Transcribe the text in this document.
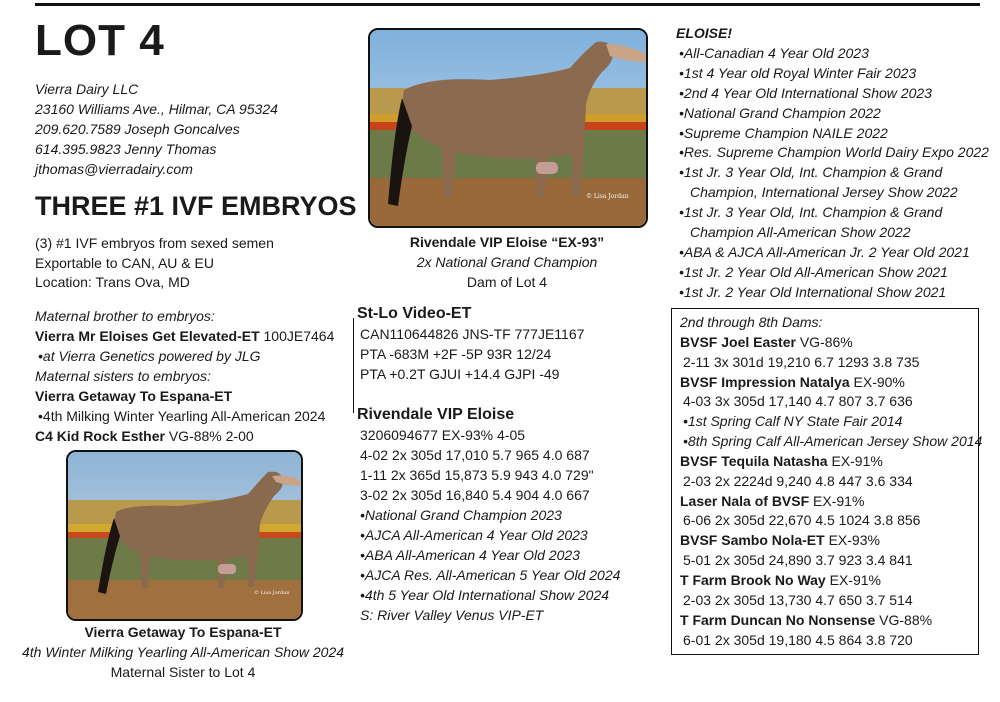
LOT 4
Vierra Dairy LLC
23160 Williams Ave., Hilmar, CA 95324
209.620.7589 Joseph Goncalves
614.395.9823 Jenny Thomas
jthomas@vierradairy.com
THREE #1 IVF EMBRYOS
(3) #1 IVF embryos from sexed semen
Exportable to CAN, AU & EU
Location: Trans Ova, MD
Maternal brother to embryos:
Vierra Mr Eloises Get Elevated-ET 100JE7464
•at Vierra Genetics powered by JLG
Maternal sisters to embryos:
Vierra Getaway To Espana-ET
•4th Milking Winter Yearling All-American 2024
C4 Kid Rock Esther VG-88% 2-00
© Lisa Jordan
Vierra Getaway To Espana-ET
4th Winter Milking Yearling All-American Show 2024
Maternal Sister to Lot 4
© Lisa Jordan
Rivendale VIP Eloise “EX-93”
2x National Grand Champion
Dam of Lot 4
St-Lo Video-ET
CAN110644826 JNS-TF 777JE1167
PTA -683M +2F -5P 93R 12/24
PTA +0.2T GJUI +14.4 GJPI -49
Rivendale VIP Eloise
3206094677 EX-93% 4-05
4-02 2x 305d 17,010 5.7 965 4.0 687
1-11 2x 365d 15,873 5.9 943 4.0 729"
3-02 2x 305d 16,840 5.4 904 4.0 667
•National Grand Champion 2023
•AJCA All-American 4 Year Old 2023
•ABA All-American 4 Year Old 2023
•AJCA Res. All-American 5 Year Old 2024
•4th 5 Year Old International Show 2024
S: River Valley Venus VIP-ET
ELOISE!
•All-Canadian 4 Year Old 2023
•1st 4 Year old Royal Winter Fair 2023
•2nd 4 Year Old International Show 2023
•National Grand Champion 2022
•Supreme Champion NAILE 2022
•Res. Supreme Champion World Dairy Expo 2022
•1st Jr. 3 Year Old, Int. Champion & Grand
Champion, International Jersey Show 2022
•1st Jr. 3 Year Old, Int. Champion & Grand
Champion All-American Show 2022
•ABA & AJCA All-American Jr. 2 Year Old 2021
•1st Jr. 2 Year Old All-American Show 2021
•1st Jr. 2 Year Old International Show 2021
2nd through 8th Dams:
BVSF Joel Easter VG-86%
2-11 3x 301d 19,210 6.7 1293 3.8 735
BVSF Impression Natalya EX-90%
4-03 3x 305d 17,140 4.7 807 3.7 636
•1st Spring Calf NY State Fair 2014
•8th Spring Calf All-American Jersey Show 2014
BVSF Tequila Natasha EX-91%
2-03 2x 2224d 9,240 4.8 447 3.6 334
Laser Nala of BVSF EX-91%
6-06 2x 305d 22,670 4.5 1024 3.8 856
BVSF Sambo Nola-ET EX-93%
5-01 2x 305d 24,890 3.7 923 3.4 841
T Farm Brook No Way EX-91%
2-03 2x 305d 13,730 4.7 650 3.7 514
T Farm Duncan No Nonsense VG-88%
6-01 2x 305d 19,180 4.5 864 3.8 720
